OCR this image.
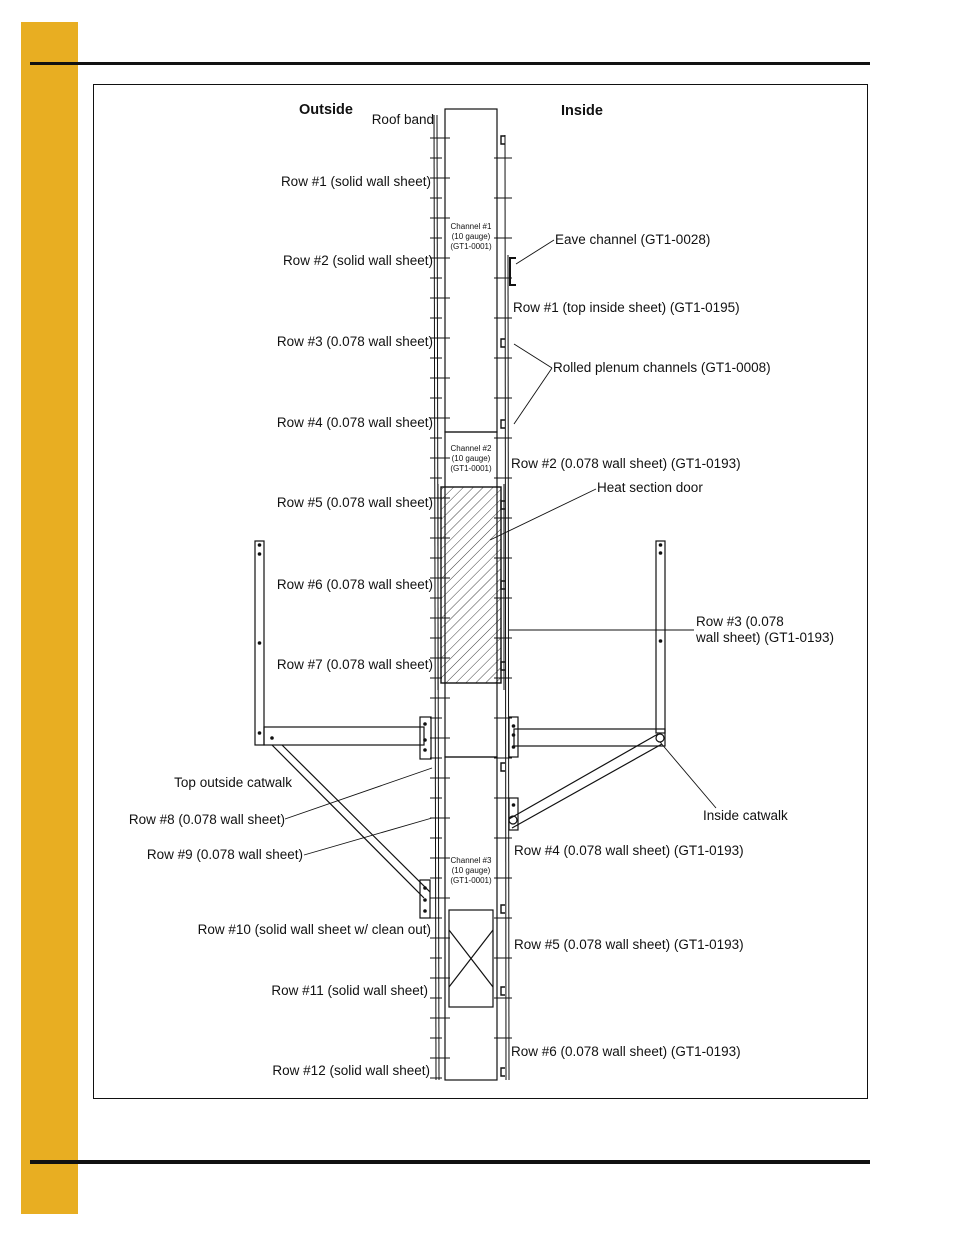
Outside	Inside
Roof band
Row #1 (solid wall sheet)
Row #2 (solid wall sheet)
Row #3 (0.078 wall sheet)
Row #4 (0.078 wall sheet)
Row #5 (0.078 wall sheet)
Row #6 (0.078 wall sheet)
Row #7 (0.078 wall sheet)
Top outside catwalk
Row #8 (0.078 wall sheet)
Row #9 (0.078 wall sheet)
Row #10 (solid wall sheet w/ clean out)
Row #11 (solid wall sheet)
Row #12 (solid wall sheet)
Eave channel (GT1-0028)
Row #1 (top inside sheet) (GT1-0195)
Rolled plenum channels (GT1-0008)
Row #2 (0.078 wall sheet) (GT1-0193)
Heat section door
Row #3 (0.078
wall sheet) (GT1-0193)
Inside catwalk
Row #4 (0.078 wall sheet) (GT1-0193)
Row #5 (0.078 wall sheet) (GT1-0193)
Row #6 (0.078 wall sheet) (GT1-0193)
Channel #1
(10 gauge)
(GT1-0001)
Channel #2
(10 gauge)
(GT1-0001)
Channel #3
(10 gauge)
(GT1-0001)
